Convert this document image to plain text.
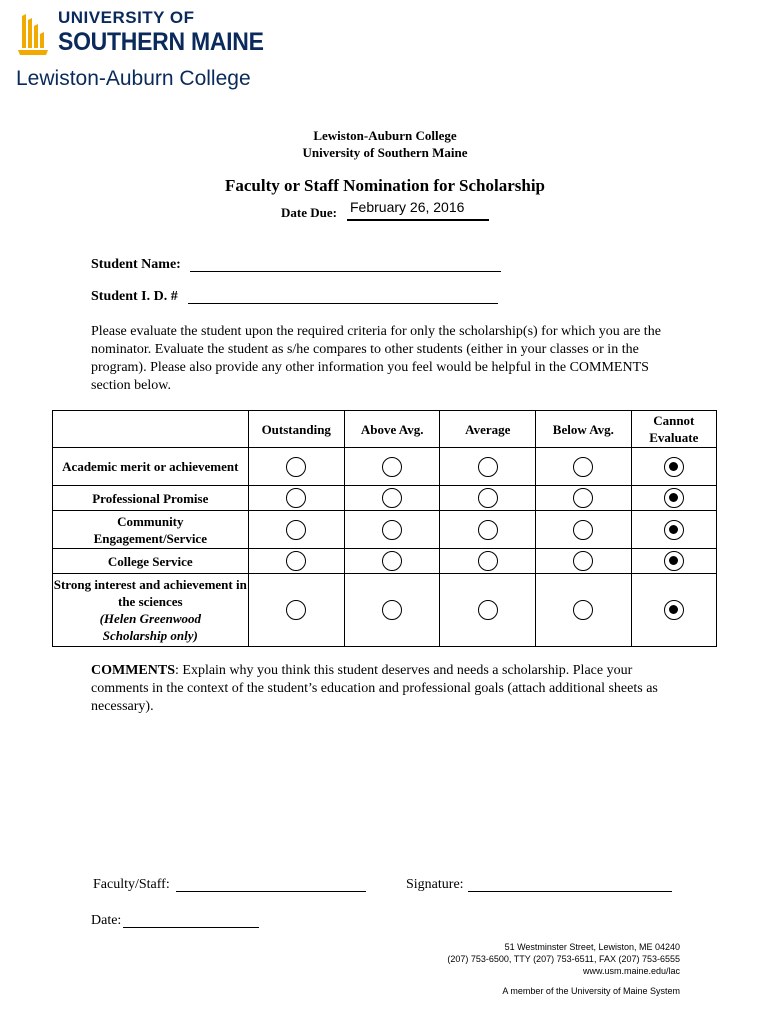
UNIVERSITY OF
SOUTHERN MAINE
Lewiston-Auburn College
Lewiston-Auburn College
University of Southern Maine
Faculty or Staff Nomination for Scholarship
Date Due: February 26, 2016
Student Name:
Student I. D. #
Please evaluate the student upon the required criteria for only the scholarship(s) for which you are the nominator. Evaluate the student as s/he compares to other students (either in your classes or in the program). Please also provide any other information you feel would be helpful in the COMMENTS section below.
	Outstanding	Above Avg.	Average	Below Avg.	Cannot Evaluate
Academic merit or achievement					
Professional Promise					
Community Engagement/Service					
College Service					

Strong interest and achievement in the sciences
(Helen Greenwood Scholarship only)					

COMMENTS: Explain why you think this student deserves and needs a scholarship. Place your comments in the context of the student’s education and professional goals (attach additional sheets as necessary).
Faculty/Staff:	Signature:
Date:
51 Westminster Street, Lewiston, ME 04240
(207) 753-6500, TTY (207) 753-6511, FAX (207) 753-6555
www.usm.maine.edu/lac
A member of the University of Maine System
